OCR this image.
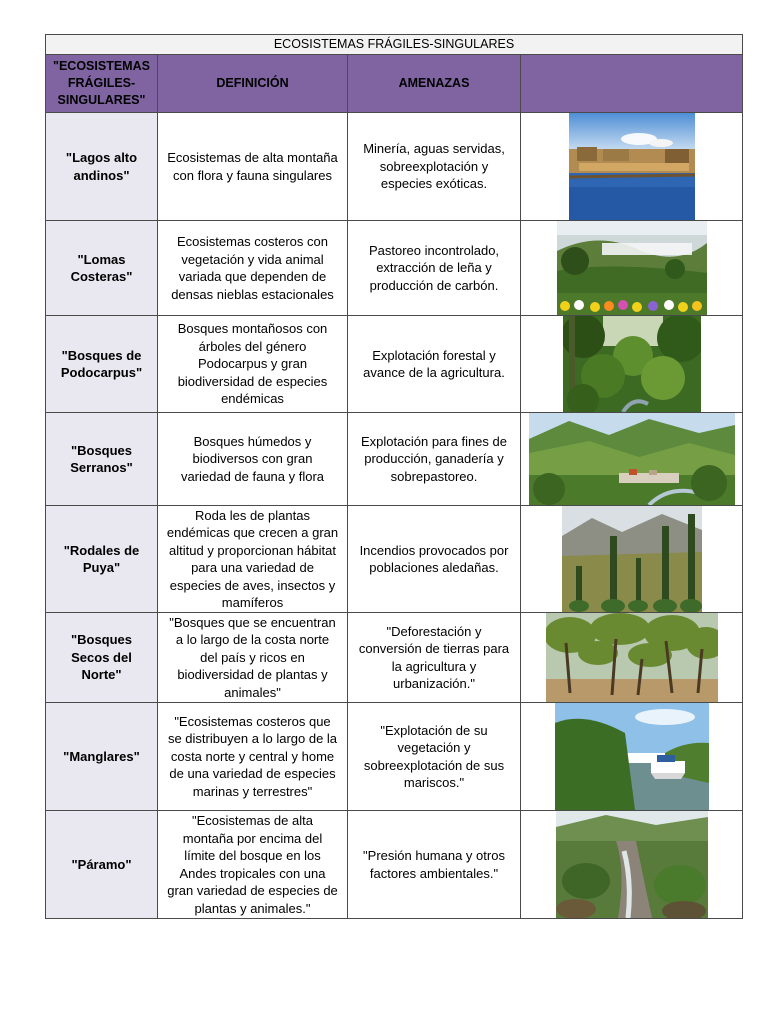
ECOSISTEMAS FRÁGILES-SINGULARES			
"ECOSISTEMAS FRÁGILES-SINGULARES"	DEFINICIÓN	AMENAZAS	
"Lagos alto andinos"	Ecosistemas de alta montaña con flora y fauna singulares	Minería, aguas servidas, sobreexplotación y especies exóticas.	

"Lomas Costeras"	Ecosistemas costeros con vegetación y vida animal variada que dependen de densas nieblas estacionales	Pastoreo incontrolado, extracción de leña y producción de carbón.	

"Bosques de Podocarpus"	Bosques montañosos con árboles del género Podocarpus y gran biodiversidad de especies endémicas	Explotación forestal y avance de la agricultura.	

"Bosques Serranos"	Bosques húmedos y biodiversos con gran variedad de fauna y flora	Explotación para fines de producción, ganadería y sobrepastoreo.	

"Rodales de Puya"	Roda les de plantas endémicas que crecen a gran altitud y proporcionan hábitat para una variedad de especies de aves, insectos y mamíferos	Incendios provocados por poblaciones aledañas.	

"Bosques Secos del Norte"	"Bosques que se encuentran a lo largo de la costa norte del país y ricos en biodiversidad de plantas y animales"	"Deforestación y conversión de tierras para la agricultura y urbanización."	

"Manglares"	"Ecosistemas costeros que se distribuyen a lo largo de la costa norte y central y home de una variedad de especies marinas y terrestres"	"Explotación de su vegetación y sobreexplotación de sus mariscos."	

"Páramo"	"Ecosistemas de alta montaña por encima del límite del bosque en los Andes tropicales con una gran variedad de especies de plantas y animales."	"Presión humana y otros factores ambientales."	
